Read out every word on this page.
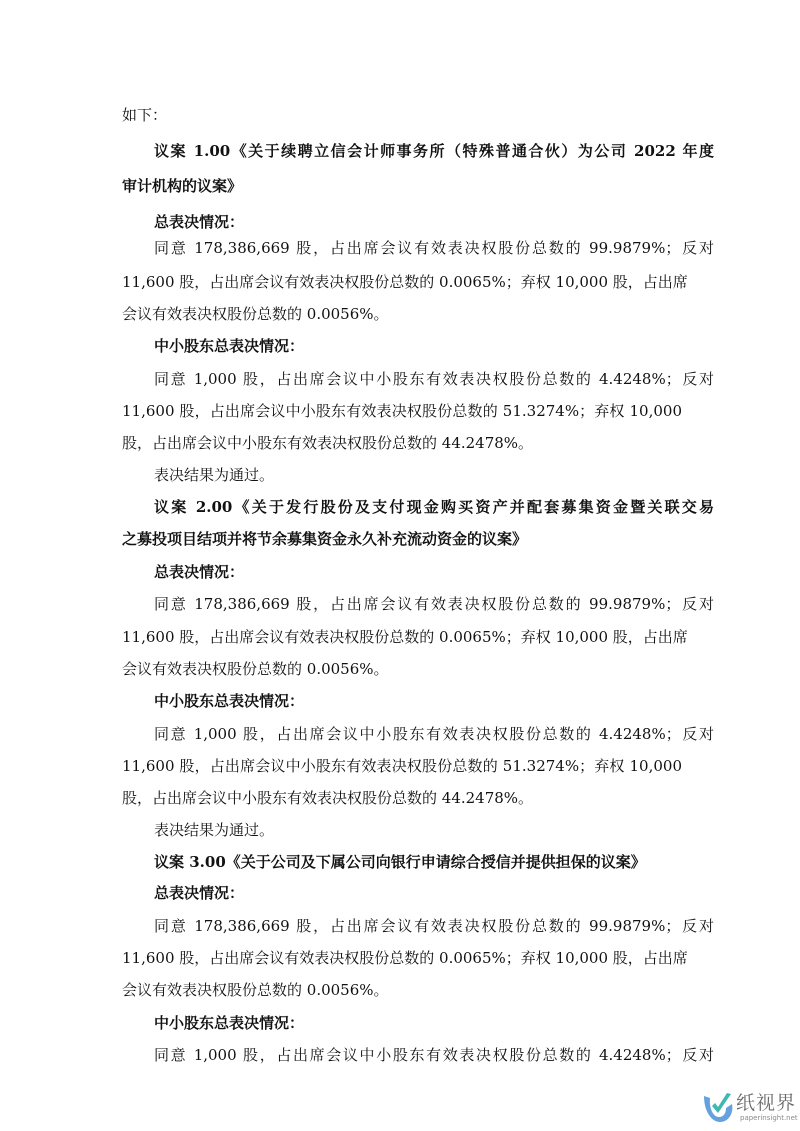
如下：
议案 1.00《关于续聘立信会计师事务所（特殊普通合伙）为公司 2022 年度
审计机构的议案》
总表决情况：
同意 178,386,669 股，占出席会议有效表决权股份总数的 99.9879%；反对
11,600 股，占出席会议有效表决权股份总数的 0.0065%；弃权 10,000 股，占出席
会议有效表决权股份总数的 0.0056%。
中小股东总表决情况：
同意 1,000 股，占出席会议中小股东有效表决权股份总数的 4.4248%；反对
11,600 股，占出席会议中小股东有效表决权股份总数的 51.3274%；弃权 10,000
股，占出席会议中小股东有效表决权股份总数的 44.2478%。
表决结果为通过。
议案 2.00《关于发行股份及支付现金购买资产并配套募集资金暨关联交易
之募投项目结项并将节余募集资金永久补充流动资金的议案》
总表决情况：
同意 178,386,669 股，占出席会议有效表决权股份总数的 99.9879%；反对
11,600 股，占出席会议有效表决权股份总数的 0.0065%；弃权 10,000 股，占出席
会议有效表决权股份总数的 0.0056%。
中小股东总表决情况：
同意 1,000 股，占出席会议中小股东有效表决权股份总数的 4.4248%；反对
11,600 股，占出席会议中小股东有效表决权股份总数的 51.3274%；弃权 10,000
股，占出席会议中小股东有效表决权股份总数的 44.2478%。
表决结果为通过。
议案 3.00《关于公司及下属公司向银行申请综合授信并提供担保的议案》
总表决情况：
同意 178,386,669 股，占出席会议有效表决权股份总数的 99.9879%；反对
11,600 股，占出席会议有效表决权股份总数的 0.0065%；弃权 10,000 股，占出席
会议有效表决权股份总数的 0.0056%。
中小股东总表决情况：
同意 1,000 股，占出席会议中小股东有效表决权股份总数的 4.4248%；反对
纸视界
paperinsight.net
